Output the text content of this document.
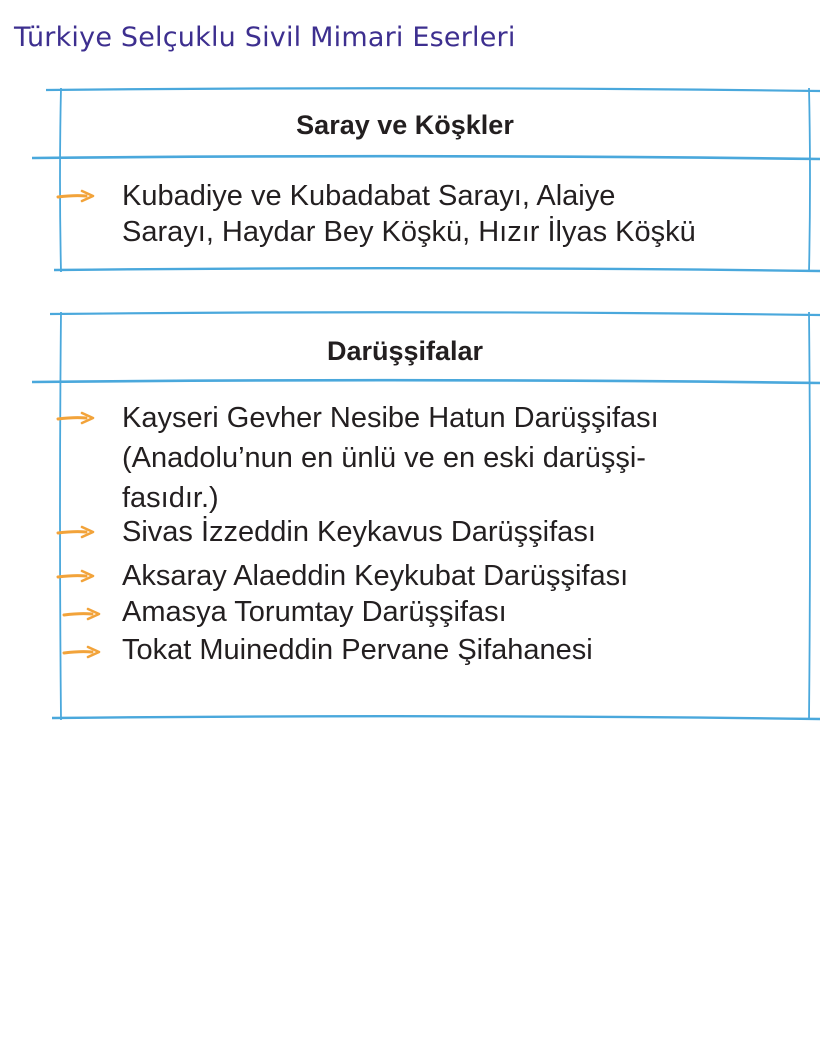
Türkiye Selçuklu Sivil Mimari Eserleri
Saray ve Köşkler
Kubadiye ve Kubadabat Sarayı, Alaiye
Sarayı, Haydar Bey Köşkü, Hızır İlyas Köşkü
Darüşşifalar
Kayseri Gevher Nesibe Hatun Darüşşifası
(Anadolu’nun en ünlü ve en eski darüşşi-
fasıdır.)
Sivas İzzeddin Keykavus Darüşşifası
Aksaray Alaeddin Keykubat Darüşşifası
Amasya Torumtay Darüşşifası
Tokat Muineddin Pervane Şifahanesi
